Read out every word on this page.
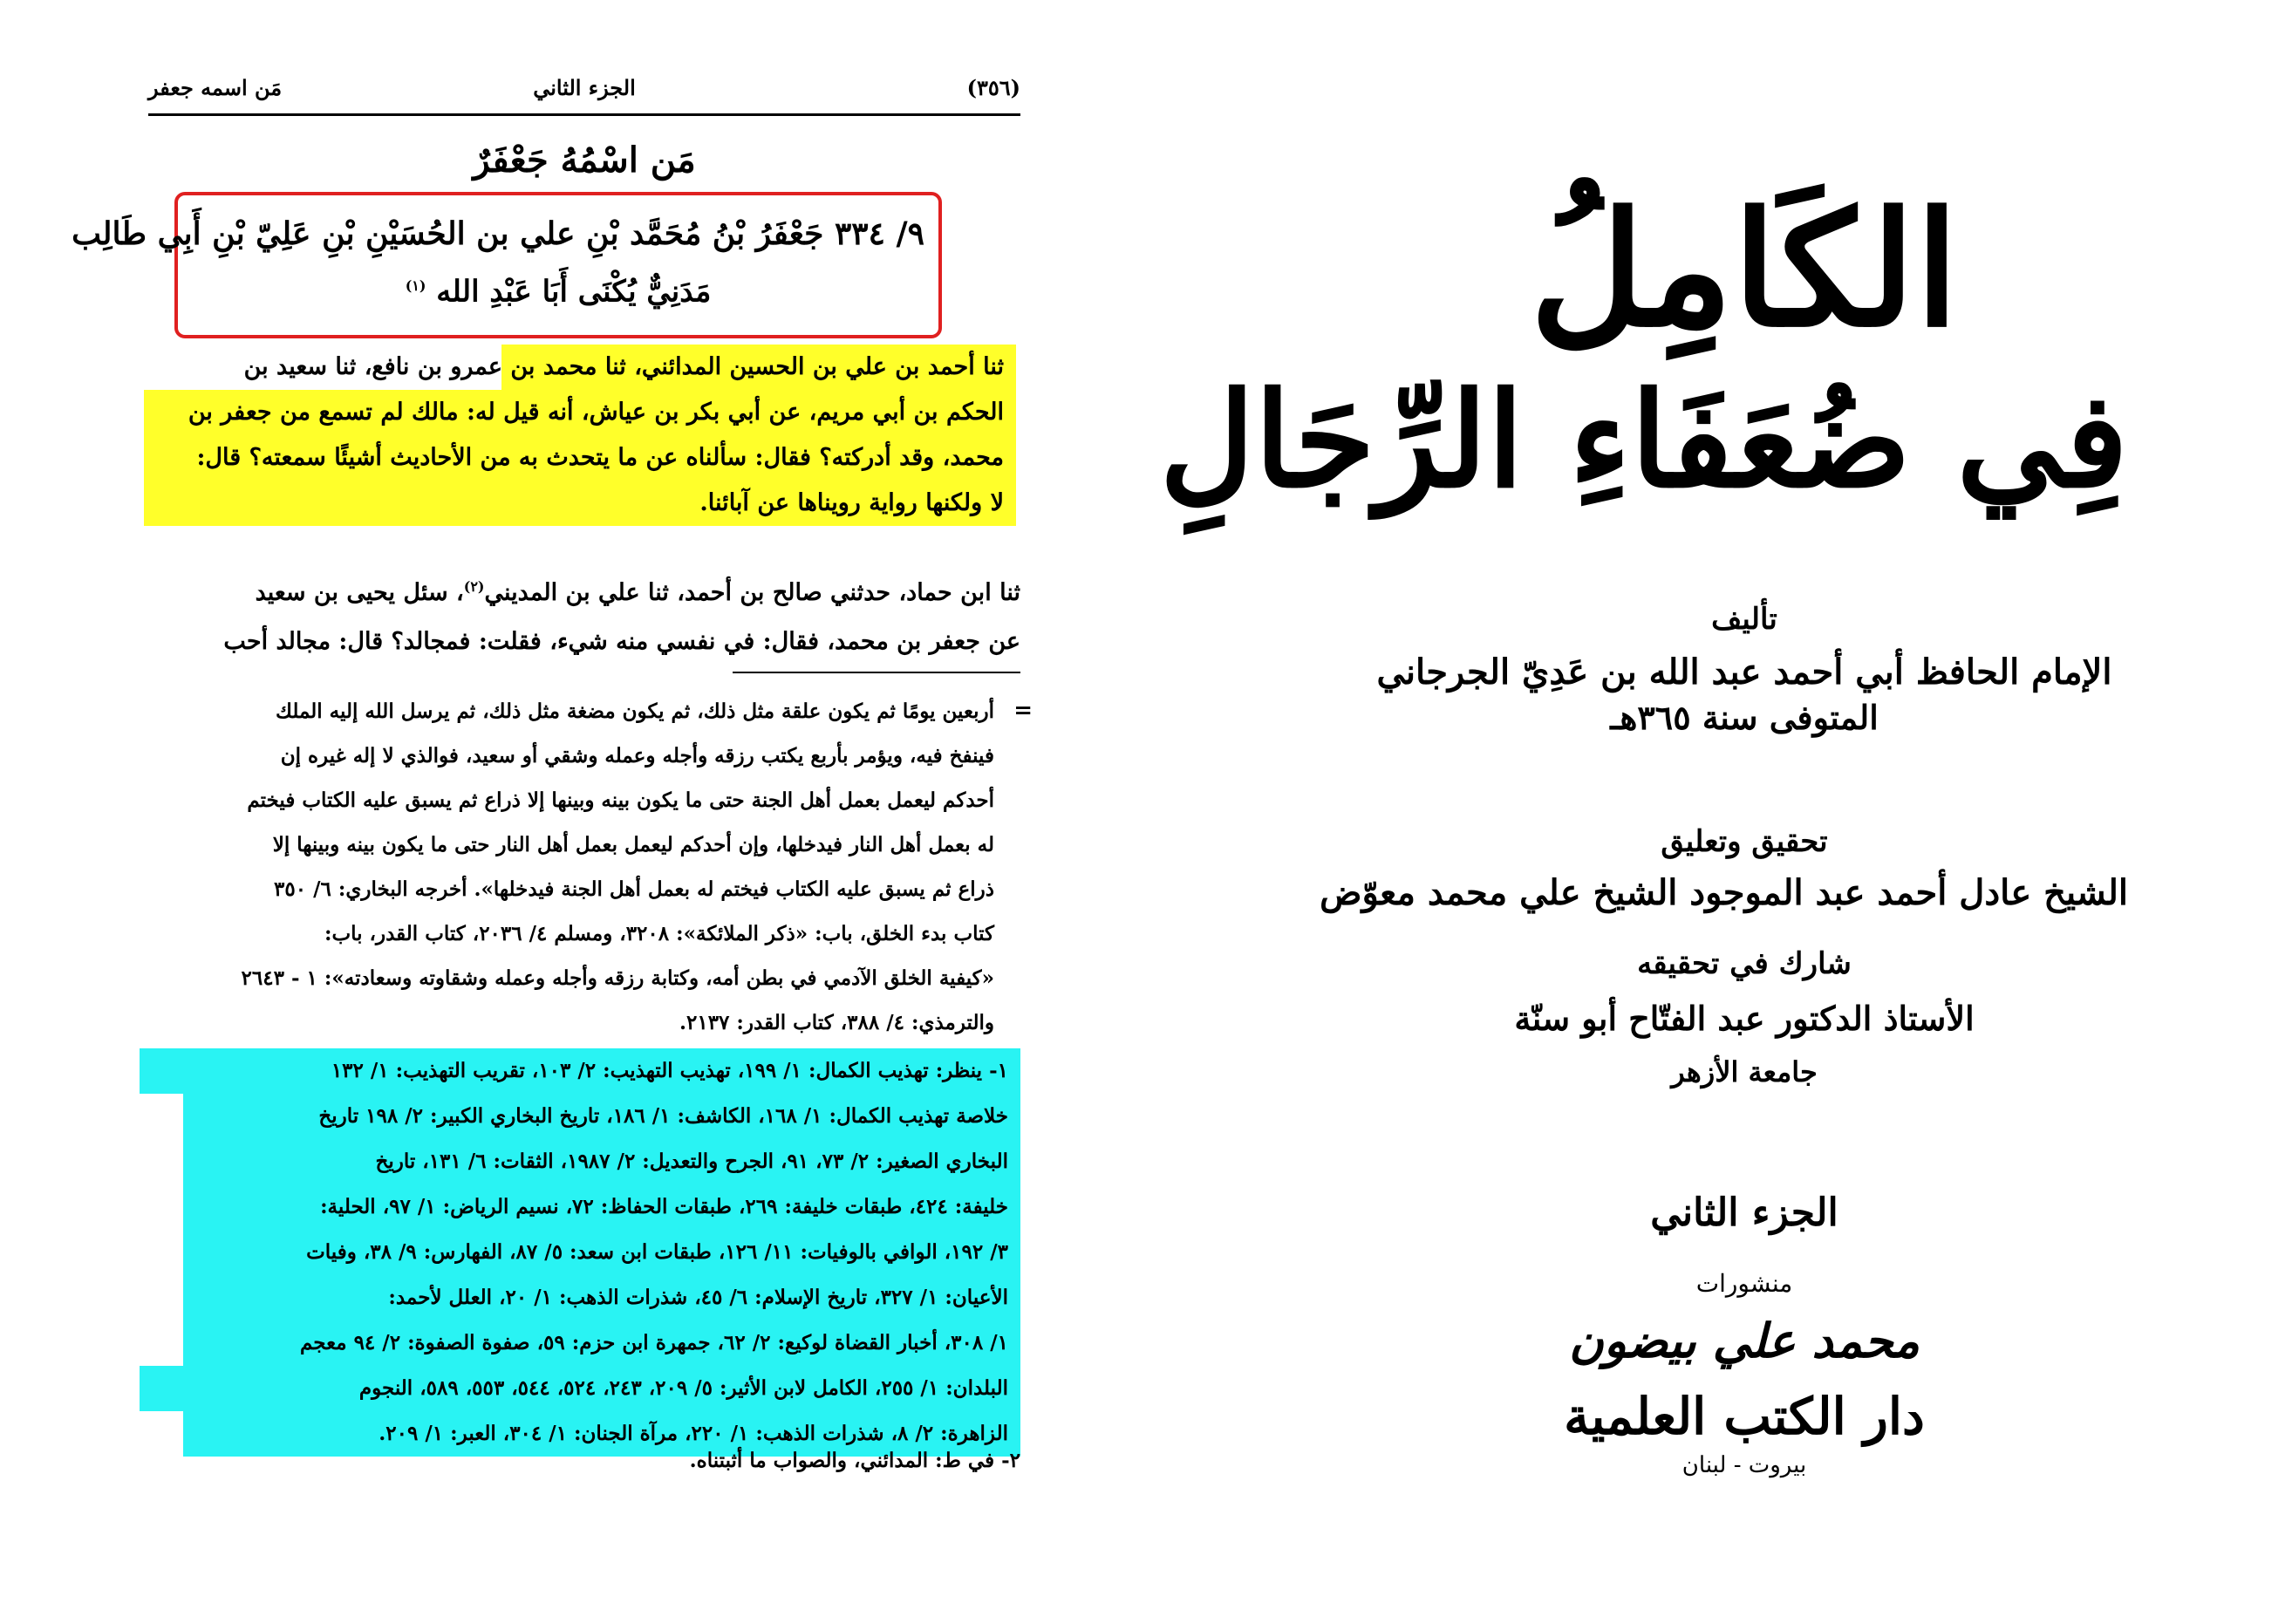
(٣٥٦)
الجزء الثاني
مَن اسمه جعفر
مَن اسْمُهُ جَعْفَرٌ
٩/ ٣٣٤ جَعْفَرُ بْنُ مُحَمَّد بْنِ علي بن الحُسَيْنِ بْنِ عَلِيّ بْنِ أَبِي طَالِب
مَدَنِيٌّ يُكْنَى أَبَا عَبْدِ الله $^{(١)}$
ثنا أحمد بن علي بن الحسين المدائني، ثنا محمد بن عمرو بن نافع، ثنا سعيد بن
الحكم بن أبي مريم، عن أبي بكر بن عياش، أنه قيل له: مالك لم تسمع من جعفر بن
محمد، وقد أدركته؟ فقال: سألناه عن ما يتحدث به من الأحاديث أشيئًا سمعته؟ قال:
لا ولكنها رواية رويناها عن آبائنا.
ثنا ابن حماد، حدثني صالح بن أحمد، ثنا علي بن المديني$^{(٢)}$، سئل يحيى بن سعيد
عن جعفر بن محمد، فقال: في نفسي منه شيء، فقلت: فمجالد؟ قال: مجالد أحب
=
أربعين يومًا ثم يكون علقة مثل ذلك، ثم يكون مضغة مثل ذلك، ثم يرسل الله إليه الملك
فينفخ فيه، ويؤمر بأربع يكتب رزقه وأجله وعمله وشقي أو سعيد، فوالذي لا إله غيره إن
أحدكم ليعمل بعمل أهل الجنة حتى ما يكون بينه وبينها إلا ذراع ثم يسبق عليه الكتاب فيختم
له بعمل أهل النار فيدخلها، وإن أحدكم ليعمل بعمل أهل النار حتى ما يكون بينه وبينها إلا
ذراع ثم يسبق عليه الكتاب فيختم له بعمل أهل الجنة فيدخلها». أخرجه البخاري: ٦/ ٣٥٠
كتاب بدء الخلق، باب: «ذكر الملائكة»: ٣٢٠٨، ومسلم ٤/ ٢٠٣٦، كتاب القدر، باب:
«كيفية الخلق الآدمي في بطن أمه، وكتابة رزقه وأجله وعمله وشقاوته وسعادته»: ١ - ٢٦٤٣
والترمذي: ٤/ ٣٨٨، كتاب القدر: ٢١٣٧.
١- ينظر: تهذيب الكمال: ١/ ١٩٩، تهذيب التهذيب: ٢/ ١٠٣، تقريب التهذيب: ١/ ١٣٢
خلاصة تهذيب الكمال: ١/ ١٦٨، الكاشف: ١/ ١٨٦، تاريخ البخاري الكبير: ٢/ ١٩٨ تاريخ
البخاري الصغير: ٢/ ٧٣، ٩١، الجرح والتعديل: ٢/ ١٩٨٧، الثقات: ٦/ ١٣١، تاريخ
خليفة: ٤٢٤، طبقات خليفة: ٢٦٩، طبقات الحفاظ: ٧٢، نسيم الرياض: ١/ ٩٧، الحلية:
٣/ ١٩٢، الوافي بالوفيات: ١١/ ١٢٦، طبقات ابن سعد: ٥/ ٨٧، الفهارس: ٩/ ٣٨، وفيات
الأعيان: ١/ ٣٢٧، تاريخ الإسلام: ٦/ ٤٥، شذرات الذهب: ١/ ٢٠، العلل لأحمد:
١/ ٣٠٨، أخبار القضاة لوكيع: ٢/ ٦٢، جمهرة ابن حزم: ٥٩، صفوة الصفوة: ٢/ ٩٤ معجم
البلدان: ١/ ٢٥٥، الكامل لابن الأثير: ٥/ ٢٠٩، ٢٤٣، ٥٢٤، ٥٤٤، ٥٥٣، ٥٨٩، النجوم
الزاهرة: ٢/ ٨، شذرات الذهب: ١/ ٢٢٠، مرآة الجنان: ١/ ٣٠٤، العبر: ١/ ٢٠٩.
٢- في ط: المدائني، والصواب ما أثبتناه.
الكَامِلُ
فِي ضُعَفَاءِ الرِّجَالِ
تأليف
الإمام الحافظ أبي أحمد عبد الله بن عَدِيّ الجرجاني
المتوفى سنة ٣٦٥هـ
تحقيق وتعليق
الشيخ عادل أحمد عبد الموجود الشيخ علي محمد معوّض
شارك في تحقيقه
الأستاذ الدكتور عبد الفتّاح أبو سنّة
جامعة الأزهر
الجزء الثاني
منشورات
محمد علي بيضون
دار الكتب العلمية
بيروت - لبنان
